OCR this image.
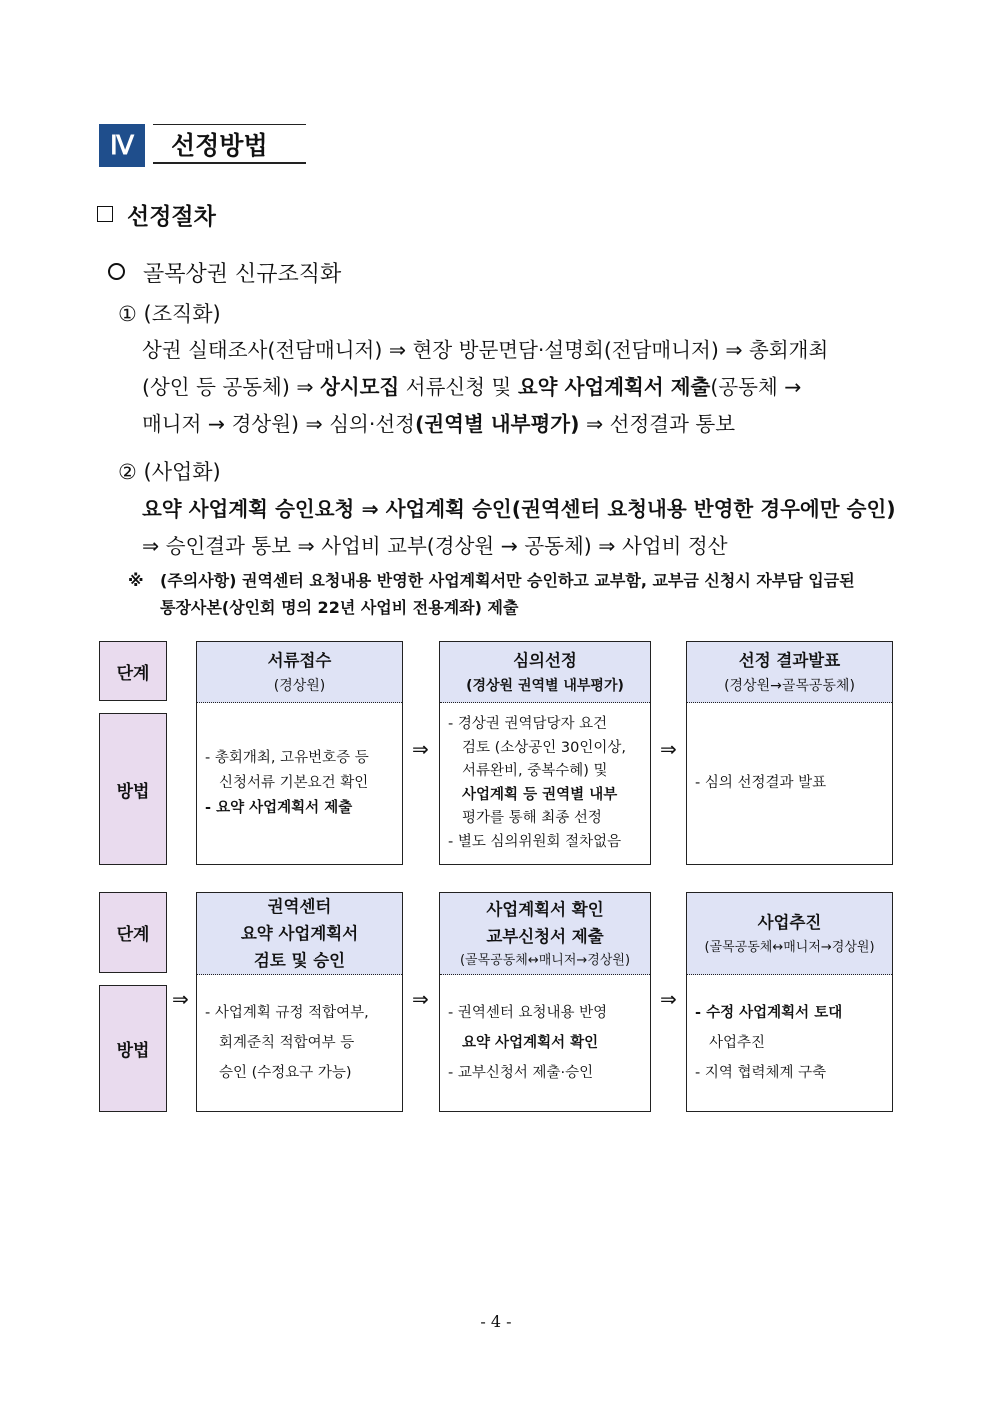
Ⅳ	선정방법
선정절차
골목상권 신규조직화
① (조직화)
상권 실태조사(전담매니저) ⇒ 현장 방문면담·설명회(전담매니저) ⇒ 총회개최
(상인 등 공동체) ⇒ 상시모집 서류신청 및 요약 사업계획서 제출(공동체 →
매니저 → 경상원) ⇒ 심의·선정(권역별 내부평가) ⇒ 선정결과 통보
② (사업화)
요약 사업계획 승인요청 ⇒ 사업계획 승인(권역센터 요청내용 반영한 경우에만 승인)
⇒ 승인결과 통보 ⇒ 사업비 교부(경상원 → 공동체) ⇒ 사업비 정산
※	(주의사항) 권역센터 요청내용 반영한 사업계획서만 승인하고 교부함, 교부금 신청시 자부담 입금된
통장사본(상인회 명의 22년 사업비 전용계좌) 제출
단계
방법
서류접수
(경상원)
- 총회개최, 고유번호증 등
신청서류 기본요건 확인
- 요약 사업계획서 제출
⇒
심의선정
(경상원 권역별 내부평가)
- 경상권 권역담당자 요건
검토 (소상공인 30인이상,
서류완비, 중복수혜) 및
사업계획 등 권역별 내부
평가를 통해 최종 선정
- 별도 심의위원회 절차없음
⇒
선정 결과발표
(경상원→골목공동체)
- 심의 선정결과 발표
단계
방법
⇒
권역센터
요약 사업계획서
검토 및 승인
- 사업계획 규정 적합여부,
회계준칙 적합여부 등
승인 (수정요구 가능)
⇒
사업계획서 확인
교부신청서 제출
(골목공동체↔매니저→경상원)
- 권역센터 요청내용 반영
요약 사업계획서 확인
- 교부신청서 제출·승인
⇒
사업추진
(골목공동체↔매니저→경상원)
- 수정 사업계획서 토대
사업추진
- 지역 협력체계 구축
- 4 -
